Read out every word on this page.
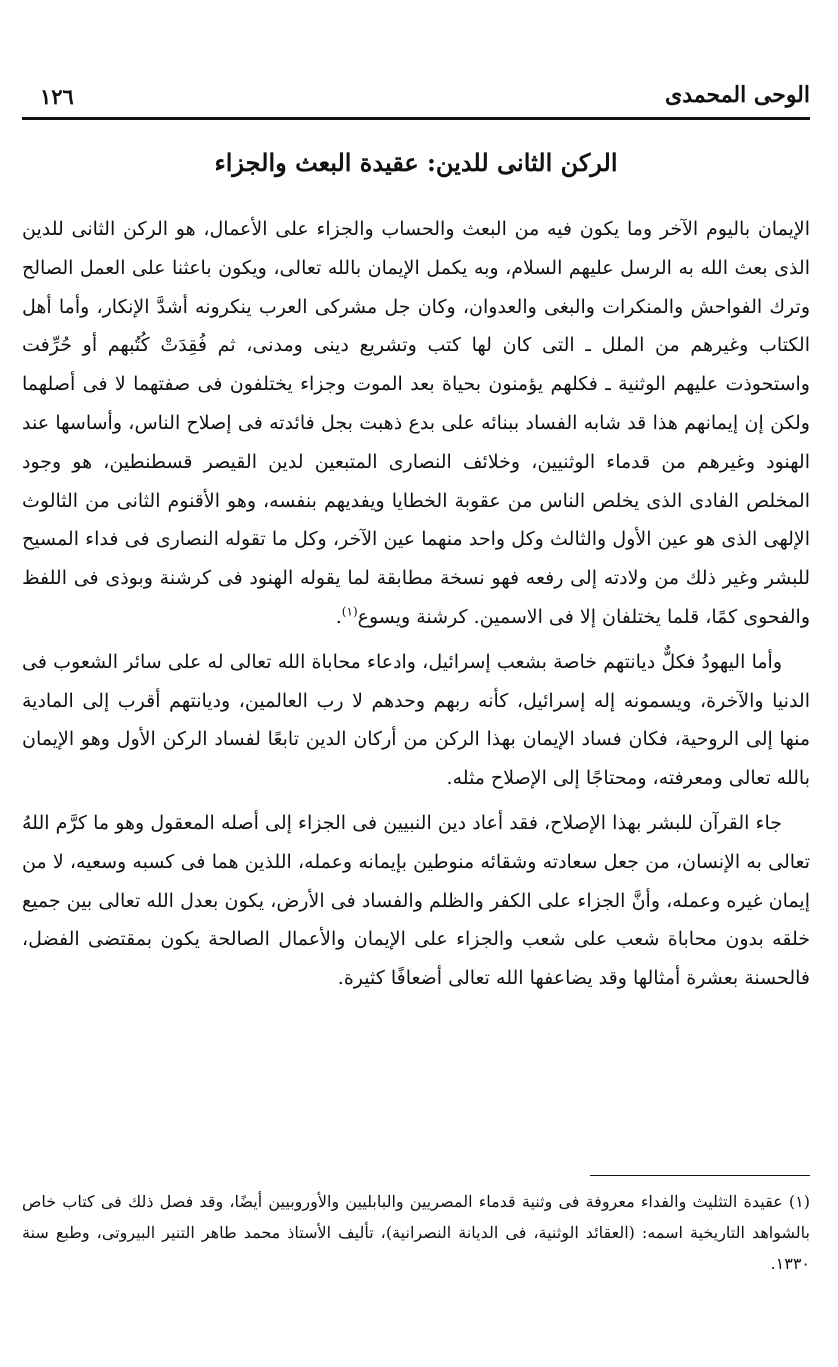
الوحى المحمدى
١٢٦
الركن الثانى للدين: عقيدة البعث والجزاء

الإيمان باليوم الآخر وما يكون فيه من البعث والحساب والجزاء على الأعمال، هو الركن الثانى للدين الذى بعث الله به الرسل عليهم السلام، وبه يكمل الإيمان بالله تعالى، ويكون باعثنا على العمل الصالح وترك الفواحش والمنكرات والبغى والعدوان، وكان جل مشركى العرب ينكرونه أشدَّ الإنكار، وأما أهل الكتاب وغيرهم من الملل ـ التى كان لها كتب وتشريع دينى ومدنى، ثم فُقِدَتْ كُتُبهم أو حُرِّفت واستحوذت عليهم الوثنية ـ فكلهم يؤمنون بحياة بعد الموت وجزاء يختلفون فى صفتهما لا فى أصلهما ولكن إن إيمانهم هذا قد شابه الفساد ببنائه على بدع ذهبت بجل فائدته فى إصلاح الناس، وأساسها عند الهنود وغيرهم من قدماء الوثنيين، وخلائف النصارى المتبعين لدين القيصر قسطنطين، هو وجود المخلص الفادى الذى يخلص الناس من عقوبة الخطايا ويفديهم بنفسه، وهو الأقنوم الثانى من الثالوث الإلهى الذى هو عين الأول والثالث وكل واحد منهما عين الآخر، وكل ما تقوله النصارى فى فداء المسيح للبشر وغير ذلك من ولادته إلى رفعه فهو نسخة مطابقة لما يقوله الهنود فى كرشنة وبوذى فى اللفظ والفحوى كمًا، قلما يختلفان إلا فى الاسمين. كرشنة ويسوع$^{(١)}$.

وأما اليهودُ فكلٌّ ديانتهم خاصة بشعب إسرائيل، وادعاء محاباة الله تعالى له على سائر الشعوب فى الدنيا والآخرة، ويسمونه إله إسرائيل، كأنه ربهم وحدهم لا رب العالمين، وديانتهم أقرب إلى المادية منها إلى الروحية، فكان فساد الإيمان بهذا الركن من أركان الدين تابعًا لفساد الركن الأول وهو الإيمان بالله تعالى ومعرفته، ومحتاجًا إلى الإصلاح مثله.

جاء القرآن للبشر بهذا الإصلاح، فقد أعاد دين النبيين فى الجزاء إلى أصله المعقول وهو ما كرَّم اللهُ تعالى به الإنسان، من جعل سعادته وشقائه منوطين بإيمانه وعمله، اللذين هما فى كسبه وسعيه، لا من إيمان غيره وعمله، وأنَّ الجزاء على الكفر والظلم والفساد فى الأرض، يكون بعدل الله تعالى بين جميع خلقه بدون محاباة شعب على شعب والجزاء على الإيمان والأعمال الصالحة يكون بمقتضى الفضل، فالحسنة بعشرة أمثالها وقد يضاعفها الله تعالى أضعافًا كثيرة.

(١) عقيدة التثليث والفداء معروفة فى وثنية قدماء المصريين والبابليين والأوروبيين أيضًا، وقد فصل ذلك فى كتاب خاص بالشواهد التاريخية اسمه: (العقائد الوثنية، فى الديانة النصرانية)، تأليف الأستاذ محمد طاهر التنير البيروتى، وطبع سنة ١٣٣٠.
